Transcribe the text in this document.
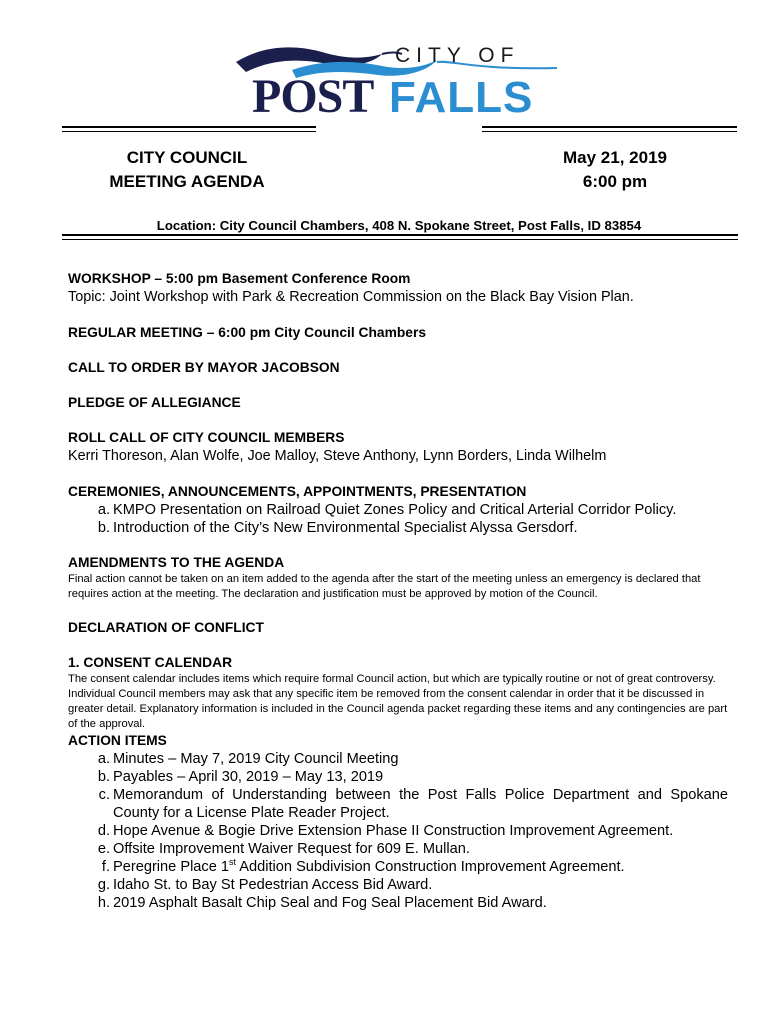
CITY OF
POST FALLS
CITY COUNCIL
MEETING AGENDA
May 21, 2019
6:00 pm
Location: City Council Chambers, 408 N. Spokane Street, Post Falls, ID 83854
WORKSHOP – 5:00 pm Basement Conference Room
Topic: Joint Workshop with Park & Recreation Commission on the Black Bay Vision Plan.
REGULAR MEETING – 6:00 pm City Council Chambers
CALL TO ORDER BY MAYOR JACOBSON
PLEDGE OF ALLEGIANCE
ROLL CALL OF CITY COUNCIL MEMBERS
Kerri Thoreson, Alan Wolfe, Joe Malloy, Steve Anthony, Lynn Borders, Linda Wilhelm
CEREMONIES, ANNOUNCEMENTS, APPOINTMENTS, PRESENTATION
a. KMPO Presentation on Railroad Quiet Zones Policy and Critical Arterial Corridor Policy.
b. Introduction of the City’s New Environmental Specialist Alyssa Gersdorf.
AMENDMENTS TO THE AGENDA
Final action cannot be taken on an item added to the agenda after the start of the meeting unless an emergency is declared that requires action at the meeting. The declaration and justification must be approved by motion of the Council.
DECLARATION OF CONFLICT
1. CONSENT CALENDAR
The consent calendar includes items which require formal Council action, but which are typically routine or not of great controversy. Individual Council members may ask that any specific item be removed from the consent calendar in order that it be discussed in greater detail. Explanatory information is included in the Council agenda packet regarding these items and any contingencies are part of the approval.
ACTION ITEMS
a. Minutes – May 7, 2019 City Council Meeting
b. Payables – April 30, 2019 – May 13, 2019
c. Memorandum of Understanding between the Post Falls Police Department and Spokane County for a License Plate Reader Project.
d. Hope Avenue & Bogie Drive Extension Phase II Construction Improvement Agreement.
e. Offsite Improvement Waiver Request for 609 E. Mullan.
f. Peregrine Place 1st Addition Subdivision Construction Improvement Agreement.
g. Idaho St. to Bay St Pedestrian Access Bid Award.
h. 2019 Asphalt Basalt Chip Seal and Fog Seal Placement Bid Award.
